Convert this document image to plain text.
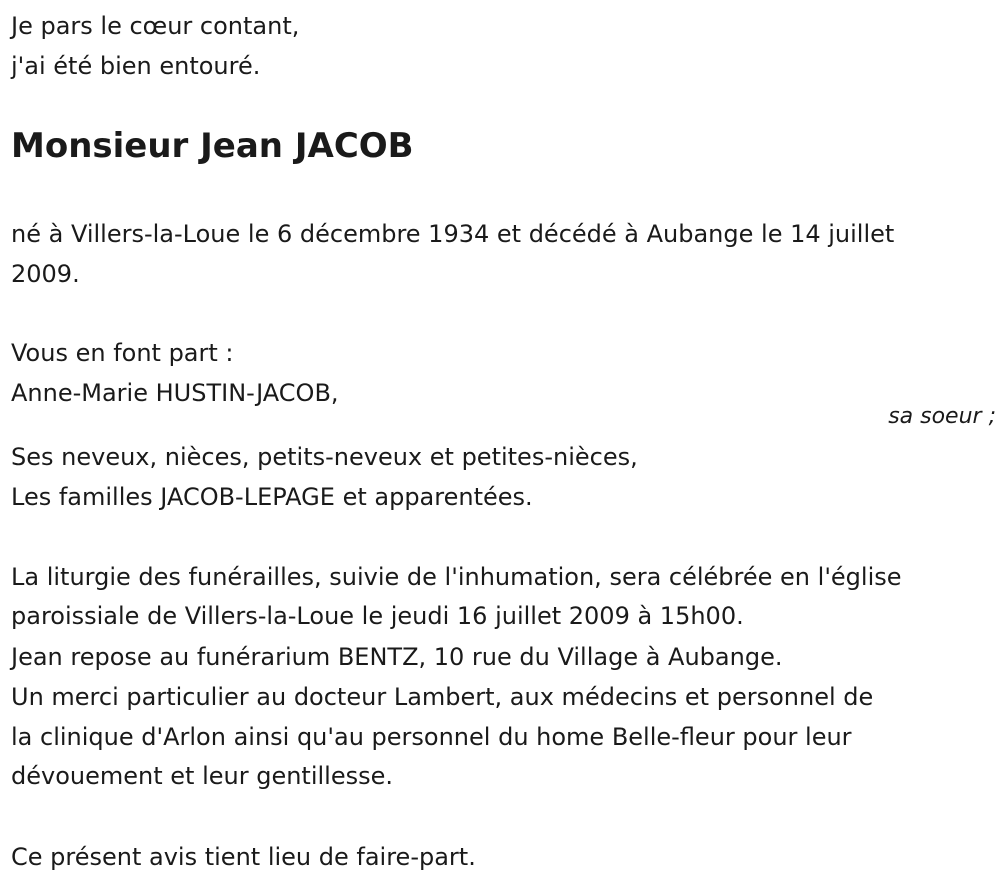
Je pars le cœur contant,
j'ai été bien entouré.
Monsieur Jean JACOB
né à Villers-la-Loue le 6 décembre 1934 et décédé à Aubange le 14 juillet
2009.
Vous en font part :
Anne-Marie HUSTIN-JACOB,
sa soeur ;
Ses neveux, nièces, petits-neveux et petites-nièces,
Les familles JACOB-LEPAGE et apparentées.
La liturgie des funérailles, suivie de l'inhumation, sera célébrée en l'église
paroissiale de Villers-la-Loue le jeudi 16 juillet 2009 à 15h00.
Jean repose au funérarium BENTZ, 10 rue du Village à Aubange.
Un merci particulier au docteur Lambert, aux médecins et personnel de
la clinique d'Arlon ainsi qu'au personnel du home Belle-fleur pour leur
dévouement et leur gentillesse.
Ce présent avis tient lieu de faire-part.
